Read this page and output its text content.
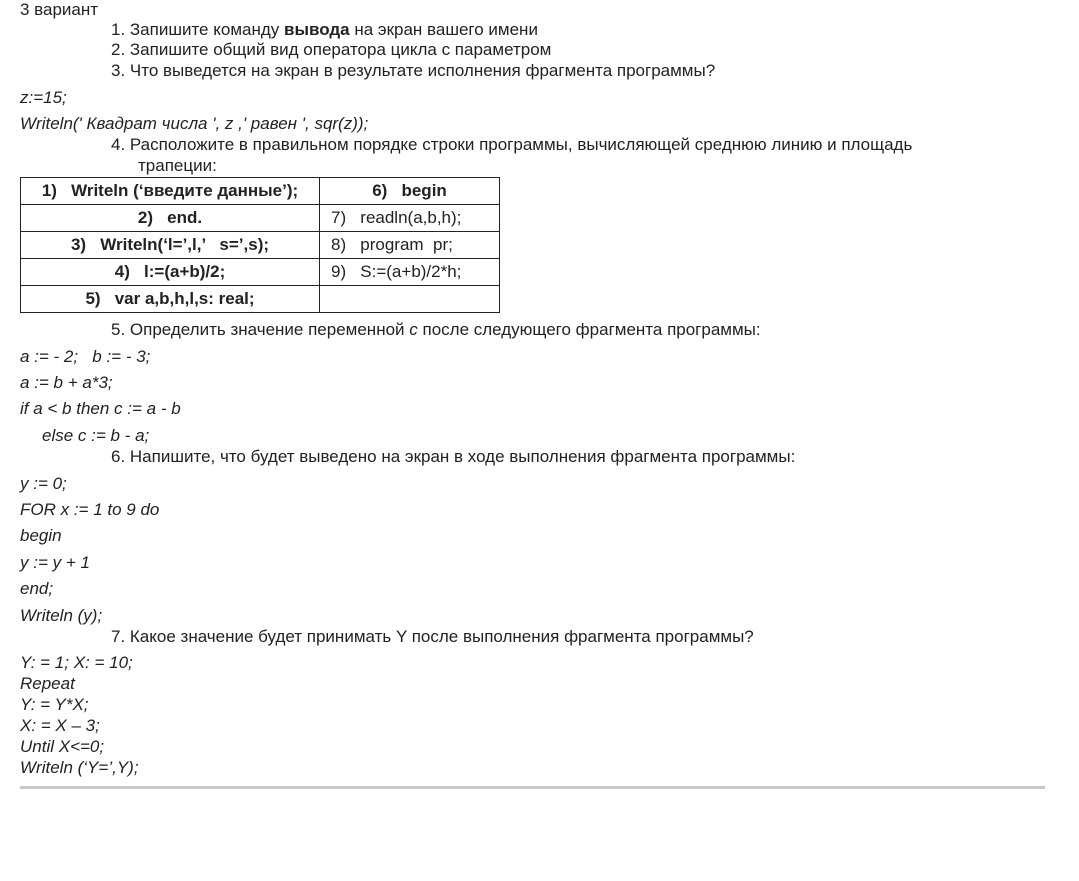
3 вариант
1. Запишите команду вывода на экран вашего имени
2. Запишите общий вид оператора цикла с параметром
3. Что выведется на экран в результате исполнения фрагмента программы?
z:=15;
Writeln(' Квадрат числа ', z ,' равен ', sqr(z));
4. Расположите в правильном порядке строки программы, вычисляющей среднюю линию и площадь
трапеции:
1)   Writeln (‘введите данные’);	6)   begin
2)   end.	7)   readln(a,b,h);
3)   Writeln(‘l=’,l,’   s=’,s);	8)   program  pr;
4)   l:=(a+b)/2;	9)   S:=(a+b)/2*h;
5)   var a,b,h,l,s: real;	
5. Определить значение переменной c после следующего фрагмента программы:
a := - 2;   b := - 3;
a := b + a*3;
if a < b then c := a - b
else c := b - a;
6. Напишите, что будет выведено на экран в ходе выполнения фрагмента программы:
y := 0;
FOR x := 1 to 9 do
begin
y := y + 1
end;
Writeln (y);
7. Какое значение будет принимать Y после выполнения фрагмента программы?
Y: = 1; X: = 10;
Repeat
Y: = Y*X;
X: = X – 3;
Until X<=0;
Writeln (‘Y=’,Y);
